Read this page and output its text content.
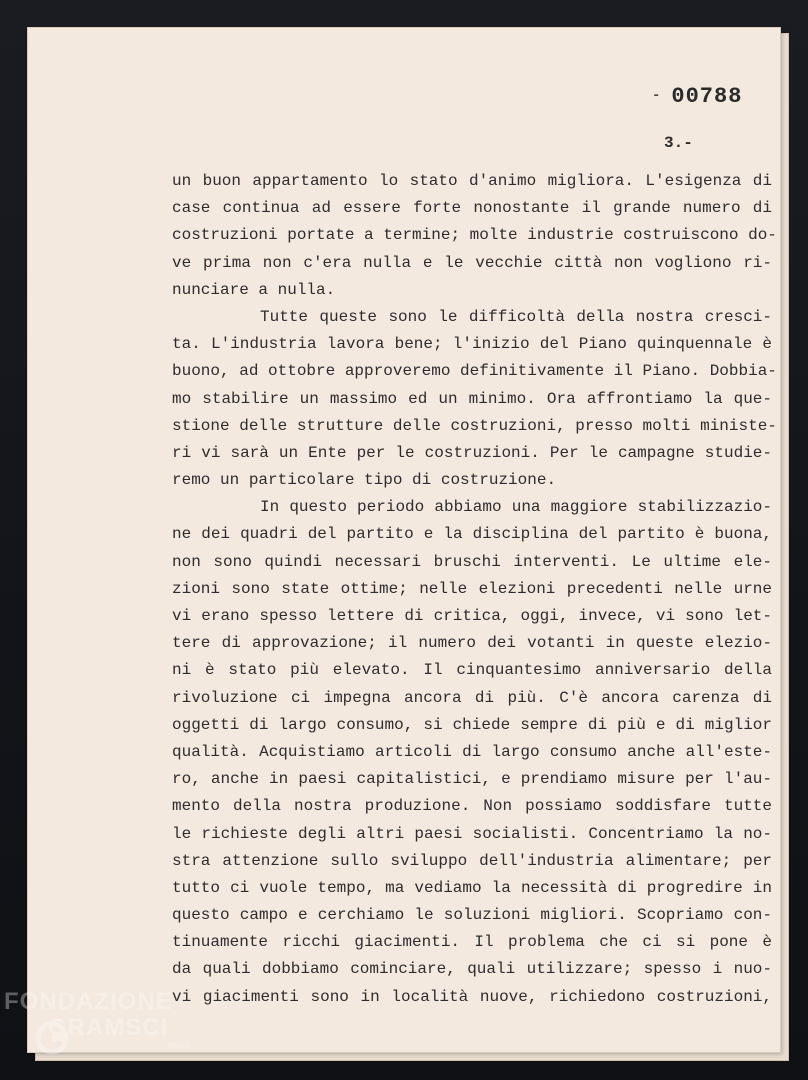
- 00788
3.-
un buon appartamento lo stato d'animo migliora. L'esigenza di
case continua ad essere forte nonostante il grande numero di
costruzioni portate a termine; molte industrie costruiscono do-
ve prima non c'era nulla e le vecchie città non vogliono ri-
nunciare a nulla.
Tutte queste sono le difficoltà della nostra cresci-
ta. L'industria lavora bene; l'inizio del Piano quinquennale è
buono, ad ottobre approveremo definitivamente il Piano. Dobbia-
mo stabilire un massimo ed un minimo. Ora affrontiamo la que-
stione delle strutture delle costruzioni, presso molti ministe-
ri vi sarà un Ente per le costruzioni. Per le campagne studie-
remo un particolare tipo di costruzione.
In questo periodo abbiamo una maggiore stabilizzazio-
ne dei quadri del partito e la disciplina del partito è buona,
non sono quindi necessari bruschi interventi. Le ultime ele-
zioni sono state ottime; nelle elezioni precedenti nelle urne
vi erano spesso lettere di critica, oggi, invece, vi sono let-
tere di approvazione; il numero dei votanti in queste elezio-
ni è stato più elevato. Il cinquantesimo anniversario della
rivoluzione ci impegna ancora di più. C'è ancora carenza di
oggetti di largo consumo, si chiede sempre di più e di miglior
qualità. Acquistiamo articoli di largo consumo anche all'este-
ro, anche in paesi capitalistici, e prendiamo misure per l'au-
mento della nostra produzione. Non possiamo soddisfare tutte
le richieste degli altri paesi socialisti. Concentriamo la no-
stra attenzione sullo sviluppo dell'industria alimentare; per
tutto ci vuole tempo, ma vediamo la necessità di progredire in
questo campo e cerchiamo le soluzioni migliori. Scopriamo con-
tinuamente ricchi giacimenti. Il problema che ci si pone è
da quali dobbiamo cominciare, quali utilizzare; spesso i nuo-
vi giacimenti sono in località nuove, richiedono costruzioni,
FONDAZIONE
GRAMSCI
onlus
